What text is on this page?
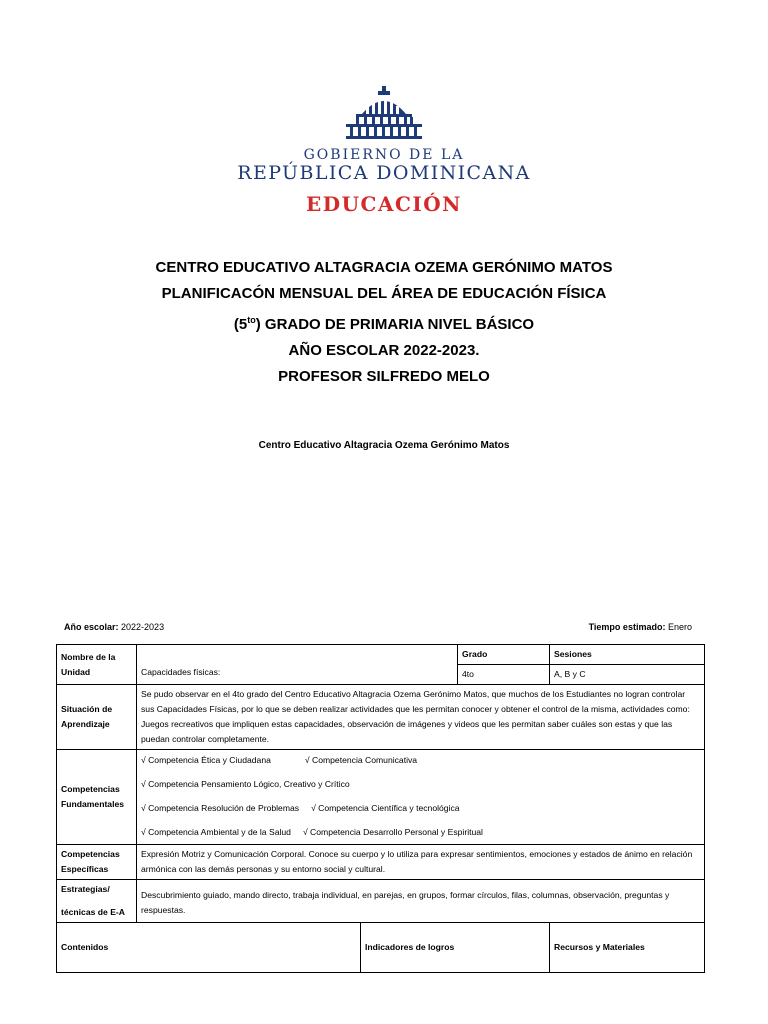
GOBIERNO DE LA
REPÚBLICA DOMINICANA
EDUCACIÓN
CENTRO EDUCATIVO ALTAGRACIA OZEMA GERÓNIMO MATOS
PLANIFICACÓN MENSUAL DEL ÁREA DE EDUCACIÓN FÍSICA
$(5^{to})$ GRADO DE PRIMARIA NIVEL BÁSICO
AÑO ESCOLAR 2022-2023.
PROFESOR SILFREDO MELO
Centro Educativo Altagracia Ozema Gerónimo Matos
Año escolar: 2022-2023	Tiempo estimado: Enero
Nombre de la Unidad	Capacidades físicas:		Grado	Sesiones
			4to	A, B y C
Situación de Aprendizaje	Se pudo observar en el 4to grado del Centro Educativo Altagracia Ozema Gerónimo Matos, que muchos de los Estudiantes no logran controlar sus Capacidades Físicas, por lo que se deben realizar actividades que les permitan conocer y obtener el control de la misma, actividades como: Juegos recreativos que impliquen estas capacidades, observación de imágenes y videos que les permitan saber cuáles son estas y que las puedan controlar completamente.			
Competencias Fundamentales	√ Competencia Ética y Ciudadana √ Competencia Comunicativa
√ Competencia Pensamiento Lógico, Creativo y Crítico
√ Competencia Resolución de Problemas √ Competencia Científica y tecnológica
√ Competencia Ambiental y de la Salud √ Competencia Desarrollo Personal y Espiritual			

Competencias Específicas	Expresión Motriz y Comunicación Corporal. Conoce su cuerpo y lo utiliza para expresar sentimientos, emociones y estados de ánimo en relación armónica con las demás personas y su entorno social y cultural.			

Estrategias/
técnicas de E-A	Descubrimiento guiado, mando directo, trabaja individual, en parejas, en grupos, formar círculos, filas, columnas, observación, preguntas y respuestas.			
Contenidos		Indicadores de logros		Recursos y Materiales
